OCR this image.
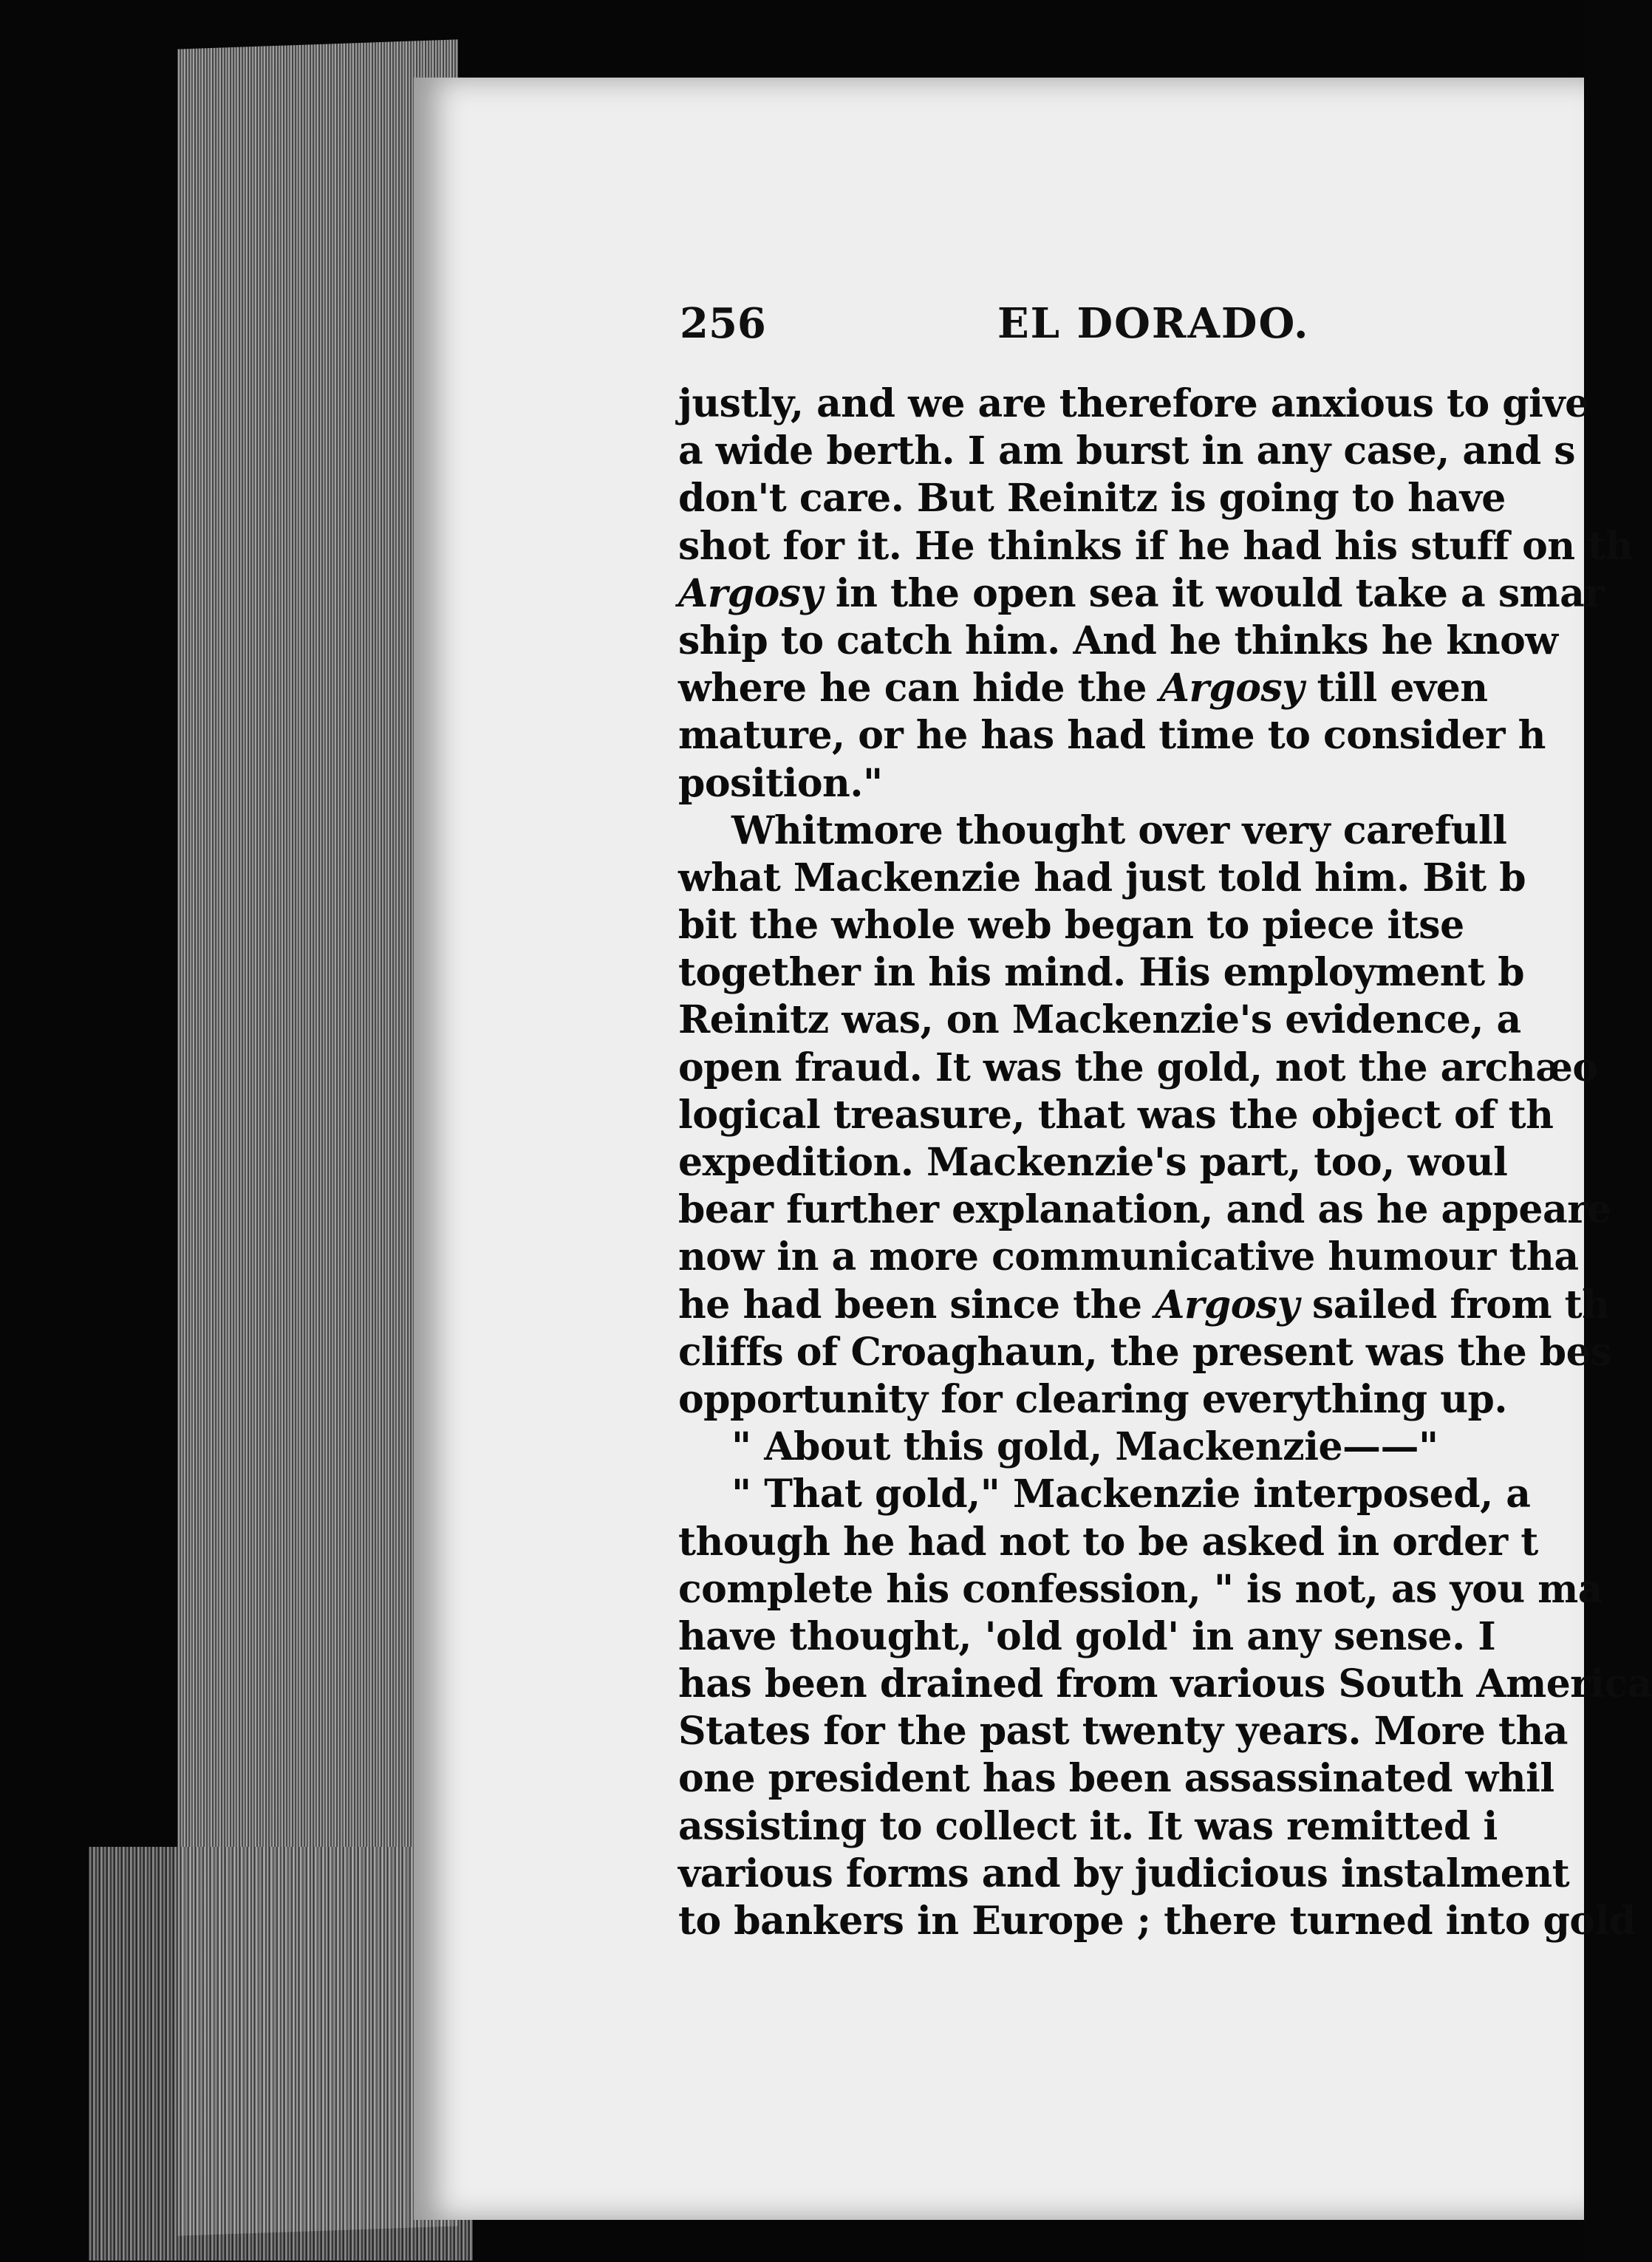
256	EL DORADO.
justly, and we are therefore anxious to give
a wide berth. I am burst in any case, and s
don't care. But Reinitz is going to have
shot for it. He thinks if he had his stuff on th
Argosy in the open sea it would take a smar
ship to catch him. And he thinks he know
where he can hide the Argosy till even
mature, or he has had time to consider h
position."
Whitmore thought over very carefull
what Mackenzie had just told him. Bit b
bit the whole web began to piece itse
together in his mind. His employment b
Reinitz was, on Mackenzie's evidence, a
open fraud. It was the gold, not the archæo
logical treasure, that was the object of th
expedition. Mackenzie's part, too, woul
bear further explanation, and as he appeare
now in a more communicative humour tha
he had been since the Argosy sailed from th
cliffs of Croaghaun, the present was the bes
opportunity for clearing everything up.
" About this gold, Mackenzie——"
" That gold," Mackenzie interposed, a
though he had not to be asked in order t
complete his confession, " is not, as you ma
have thought, 'old gold' in any sense. I
has been drained from various South America
States for the past twenty years. More tha
one president has been assassinated whil
assisting to collect it. It was remitted i
various forms and by judicious instalment
to bankers in Europe ; there turned into gold
